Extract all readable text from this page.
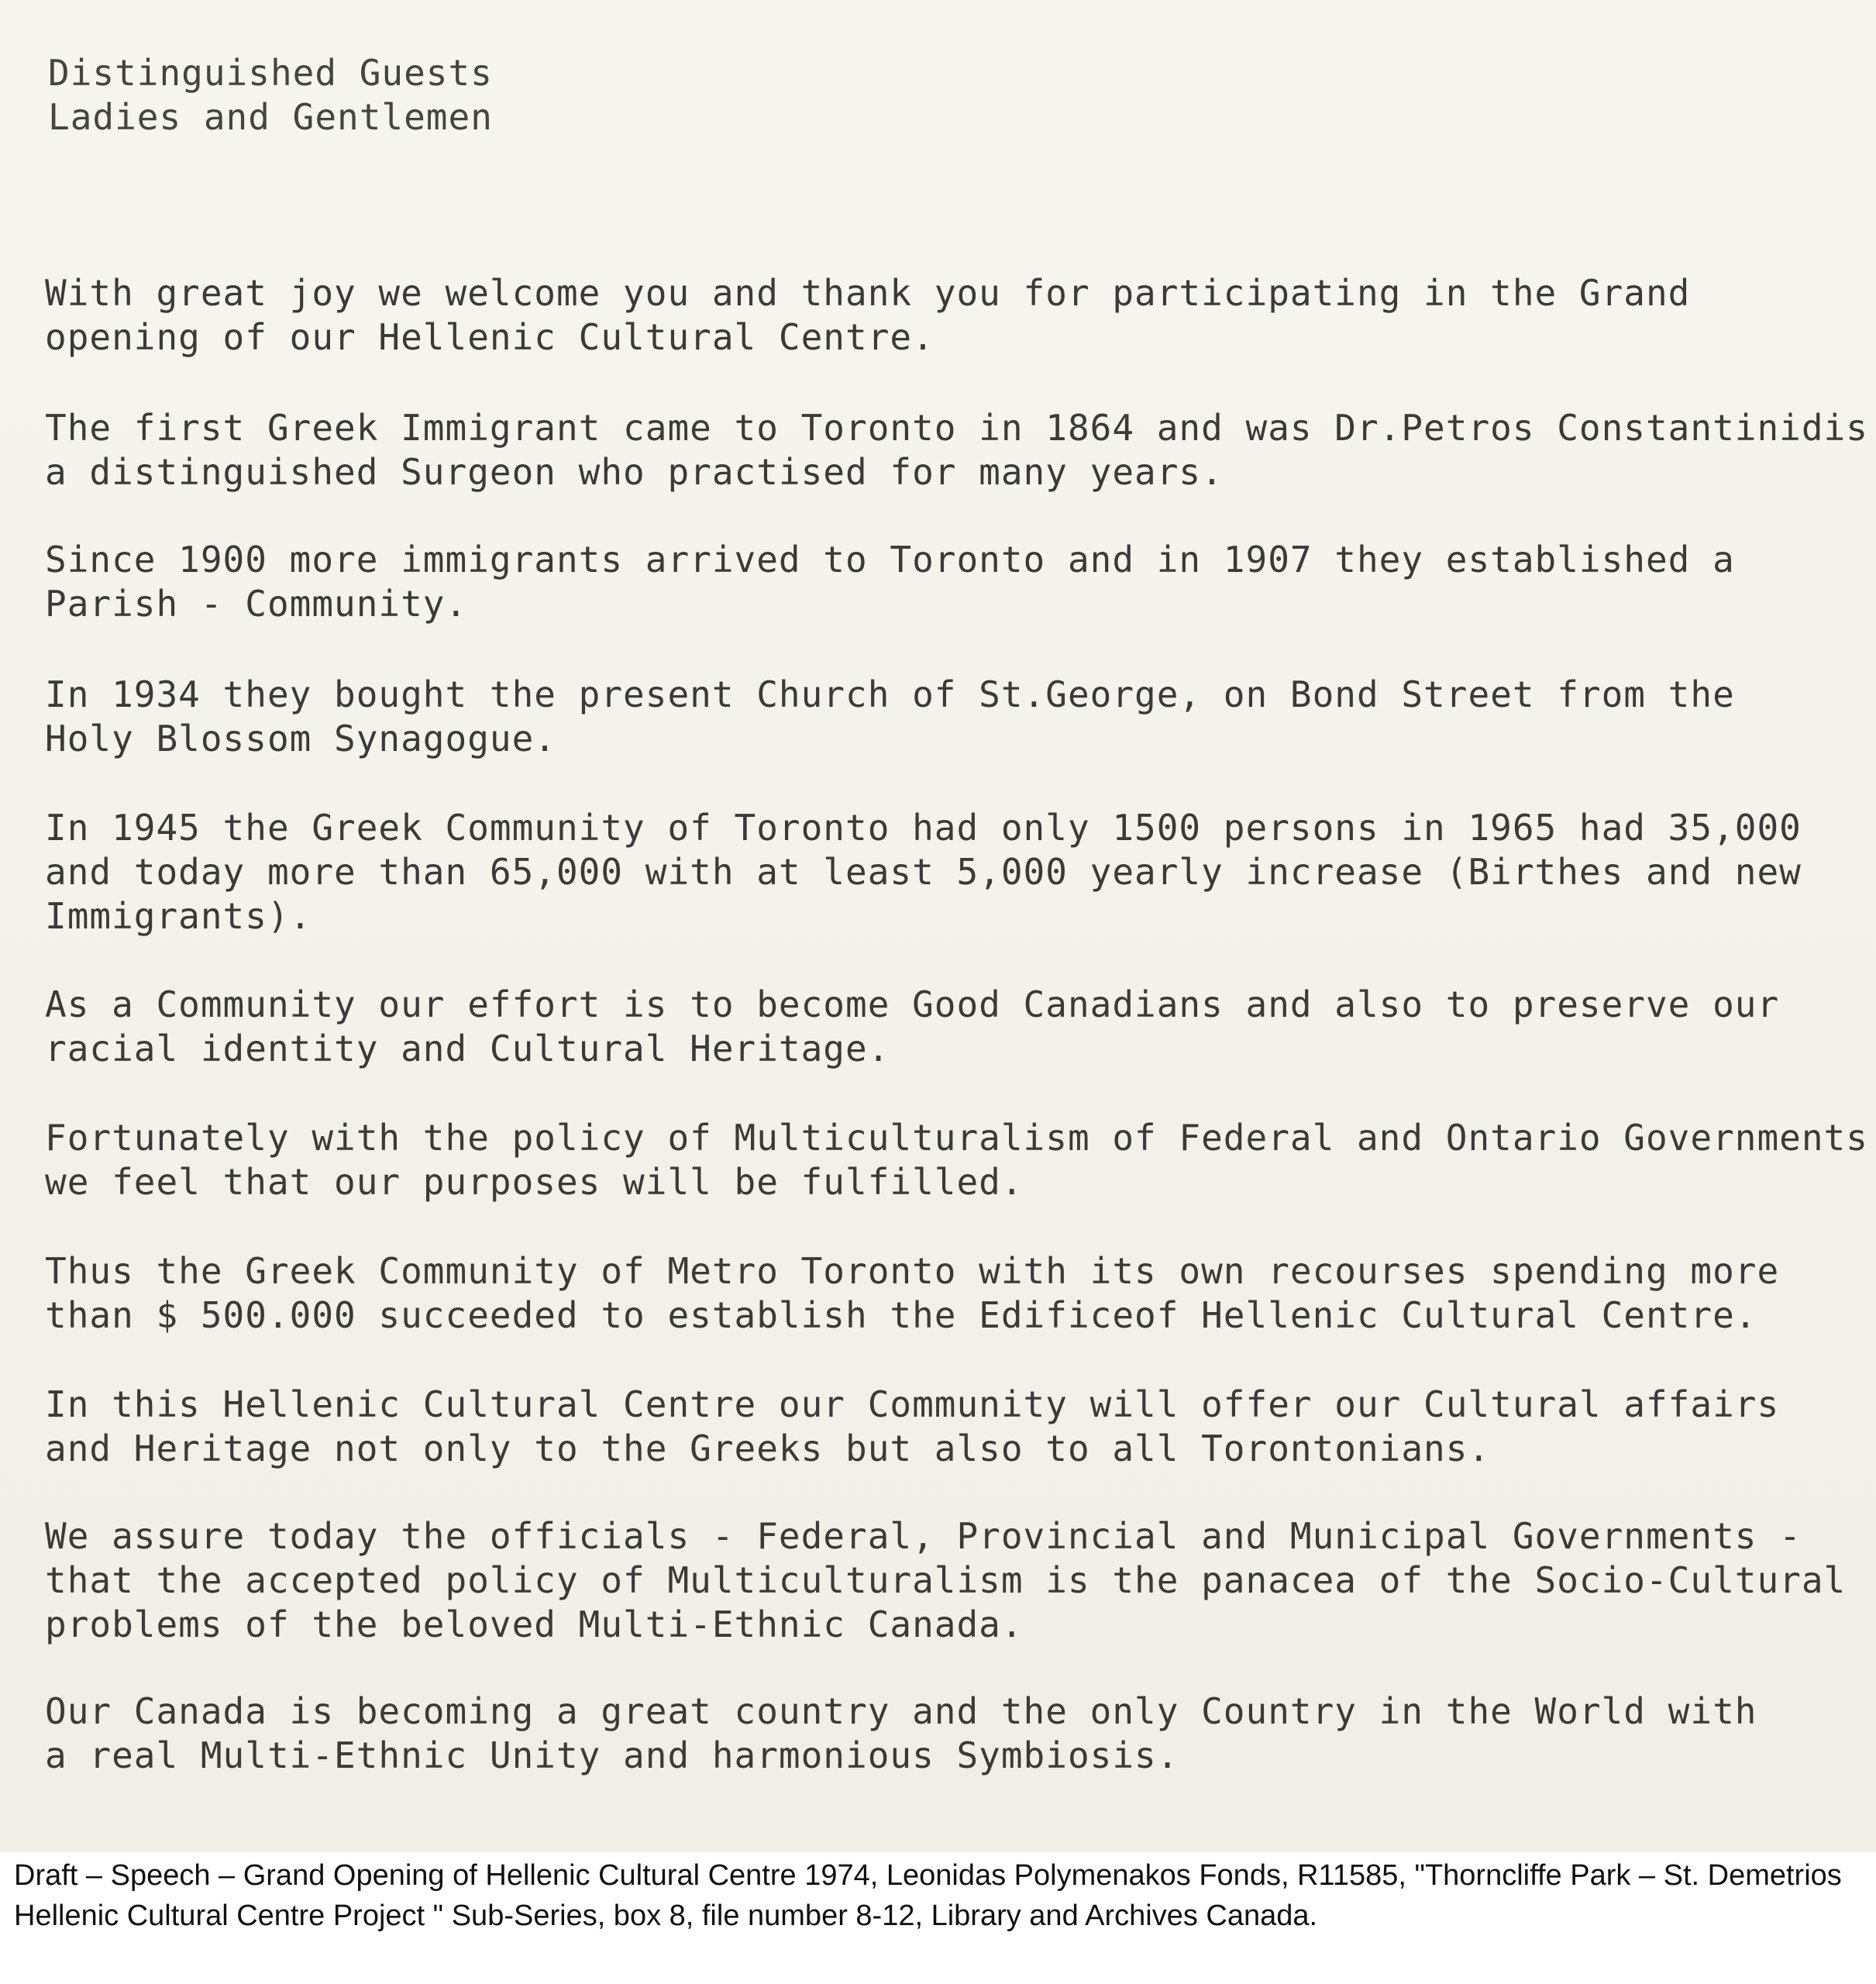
Distinguished Guests
Ladies and Gentlemen
With great joy we welcome you and thank you for participating in the Grand
opening of our Hellenic Cultural Centre.
The first Greek Immigrant came to Toronto in 1864 and was Dr.Petros Constantinidis
a distinguished Surgeon who practised for many years.
Since 1900 more immigrants arrived to Toronto and in 1907 they established a
Parish - Community.
In 1934 they bought the present Church of St.George, on Bond Street from the
Holy Blossom Synagogue.
In 1945 the Greek Community of Toronto had only 1500 persons in 1965 had 35,000
and today more than 65,000 with at least 5,000 yearly increase (Birthes and new
Immigrants).
As a Community our effort is to become Good Canadians and also to preserve our
racial identity and Cultural Heritage.
Fortunately with the policy of Multiculturalism of Federal and Ontario Governments
we feel that our purposes will be fulfilled.
Thus the Greek Community of Metro Toronto with its own recourses spending more
than $ 500.000 succeeded to establish the Edificeof Hellenic Cultural Centre.
In this Hellenic Cultural Centre our Community will offer our Cultural affairs
and Heritage not only to the Greeks but also to all Torontonians.
We assure today the officials - Federal, Provincial and Municipal Governments -
that the accepted policy of Multiculturalism is the panacea of the Socio-Cultural
problems of the beloved Multi-Ethnic Canada.
Our Canada is becoming a great country and the only Country in the World with
a real Multi-Ethnic Unity and harmonious Symbiosis.

Draft – Speech – Grand Opening of Hellenic Cultural Centre 1974, Leonidas Polymenakos Fonds, R11585, "Thorncliffe Park – St. Demetrios Hellenic Cultural Centre Project " Sub-Series, box 8, file number 8-12, Library and Archives Canada.
